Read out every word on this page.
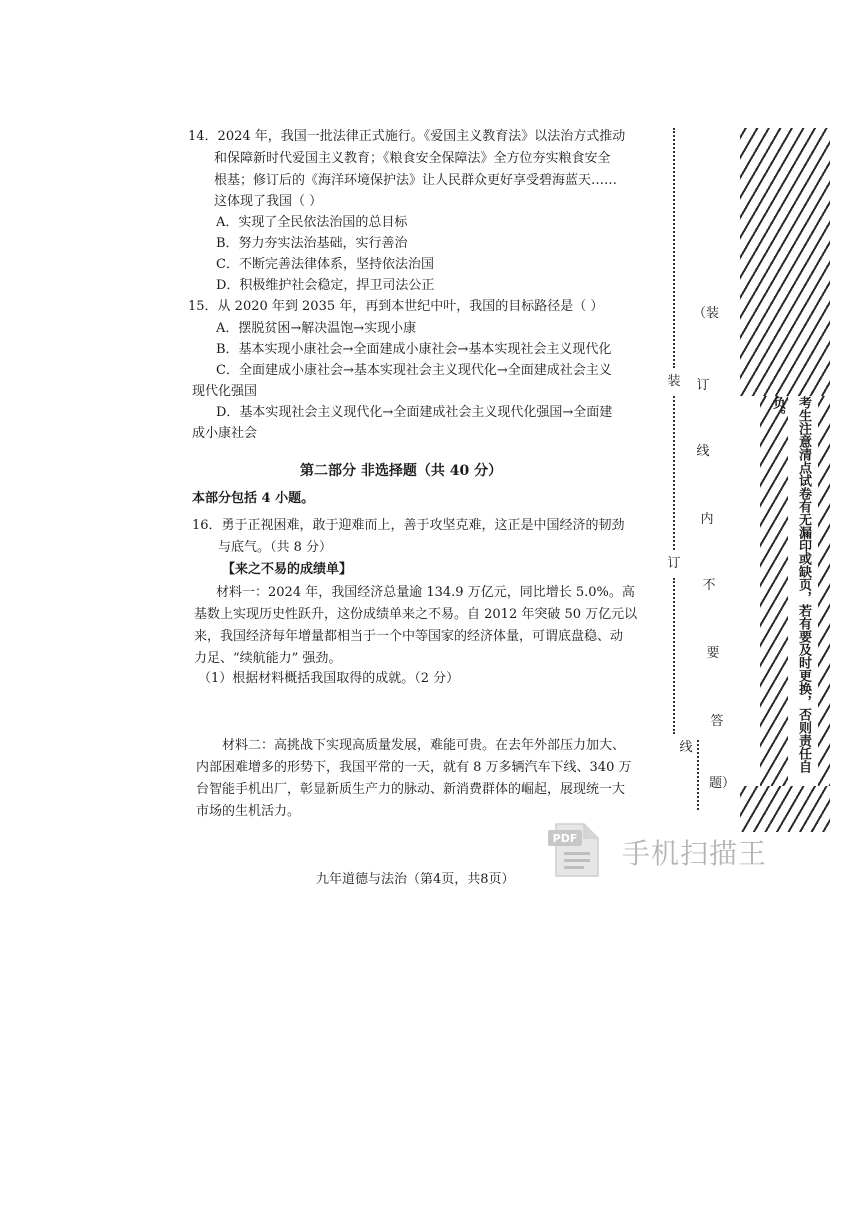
14．2024 年，我国一批法律正式施行。《爱国主义教育法》以法治方式推动
和保障新时代爱国主义教育；《粮食安全保障法》全方位夯实粮食安全
根基；修订后的《海洋环境保护法》让人民群众更好享受碧海蓝天……
这体现了我国（ ）
A．实现了全民依法治国的总目标
B．努力夯实法治基础，实行善治
C．不断完善法律体系，坚持依法治国
D．积极维护社会稳定，捍卫司法公正
15．从 2020 年到 2035 年，再到本世纪中叶，我国的目标路径是（ ）
A．摆脱贫困→解决温饱→实现小康
B．基本实现小康社会→全面建成小康社会→基本实现社会主义现代化
C．全面建成小康社会→基本实现社会主义现代化→全面建成社会主义
现代化强国
D．基本实现社会主义现代化→全面建成社会主义现代化强国→全面建
成小康社会
第二部分 非选择题（共 40 分）
本部分包括 4 小题。
16．勇于正视困难，敢于迎难而上，善于攻坚克难，这正是中国经济的韧劲
与底气。（共 8 分）
【来之不易的成绩单】
材料一：2024 年，我国经济总量逾 134.9 万亿元，同比增长 5.0%。高
基数上实现历史性跃升，这份成绩单来之不易。自 2012 年突破 50 万亿元以
来，我国经济每年增量都相当于一个中等国家的经济体量，可谓底盘稳、动
力足、“续航能力” 强劲。
（1）根据材料概括我国取得的成就。（2 分）
材料二：高挑战下实现高质量发展，难能可贵。在去年外部压力加大、
内部困难增多的形势下，我国平常的一天，就有 8 万多辆汽车下线、340 万
台智能手机出厂，彰显新质生产力的脉动、新消费群体的崛起，展现统一大
市场的生机活力。
装
订
线
（装
订
线
内
不
要
答
题）
考生注意清点试卷有无漏印或缺页，若有要及时更换，否则责任自负。
PDF 手机扫描王
九年道德与法治（第4页，共8页）
